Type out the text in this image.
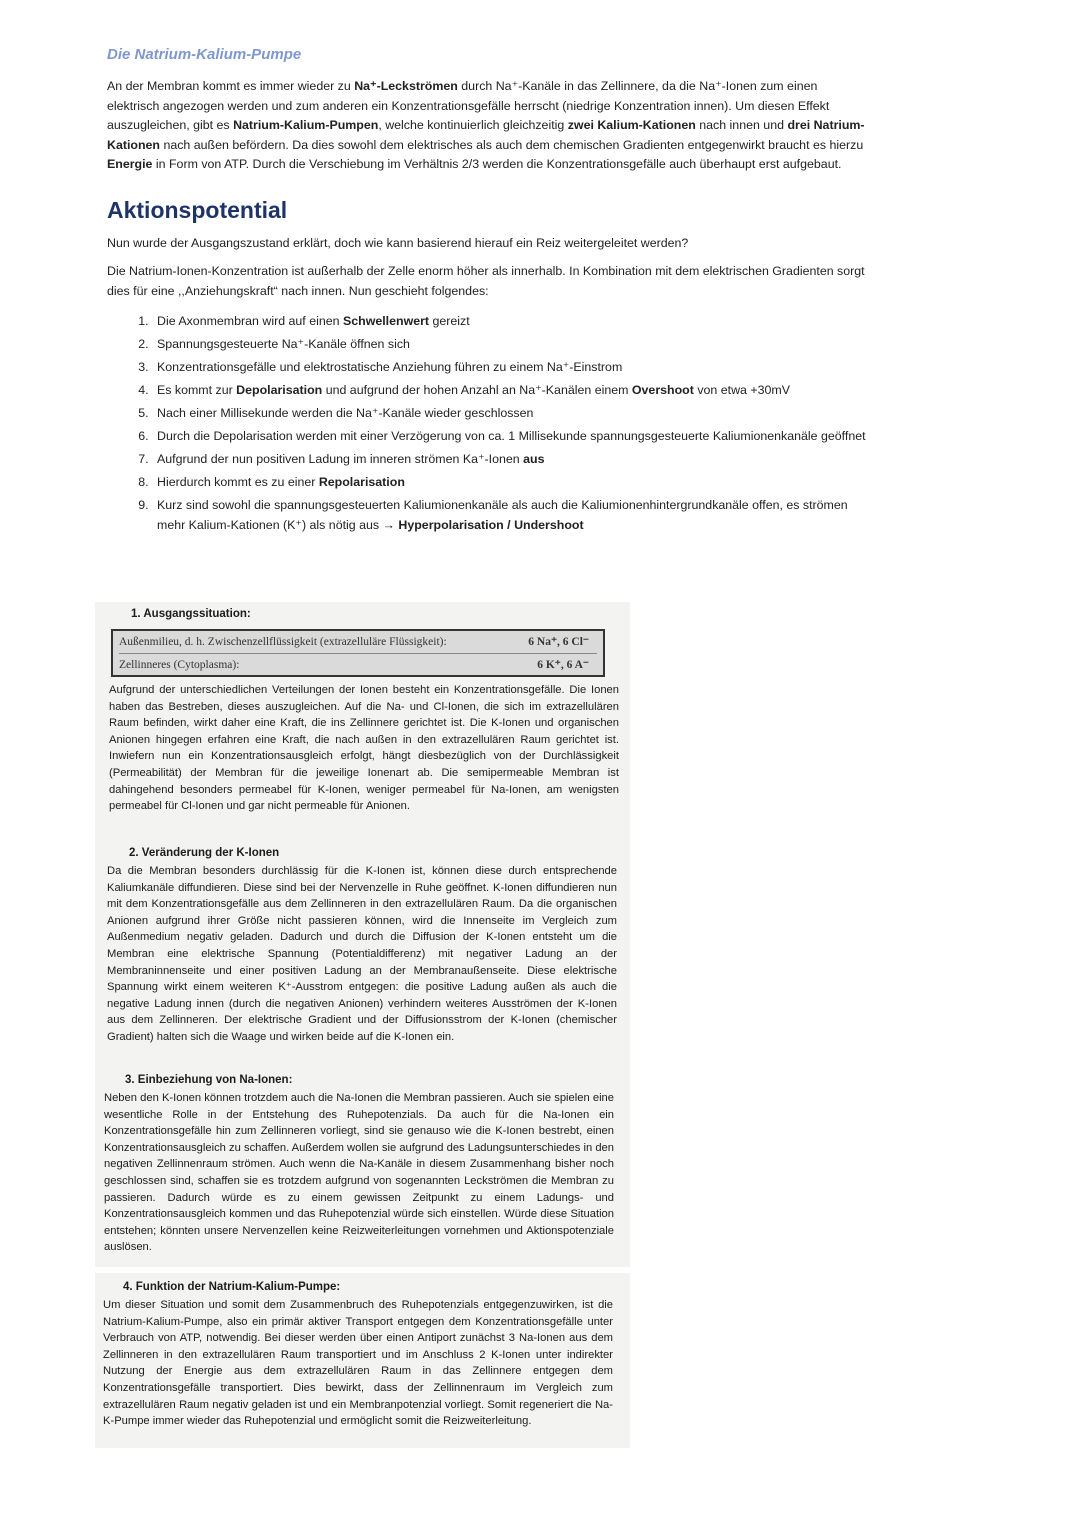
Die Natrium-Kalium-Pumpe

An der Membran kommt es immer wieder zu Na⁺-Leckströmen durch Na⁺-Kanäle in das Zellinnere, da die Na⁺-Ionen zum einen elektrisch angezogen werden und zum anderen ein Konzentrationsgefälle herrscht (niedrige Konzentration innen). Um diesen Effekt auszugleichen, gibt es Natrium-Kalium-Pumpen, welche kontinuierlich gleichzeitig zwei Kalium-Kationen nach innen und drei Natrium-Kationen nach außen befördern. Da dies sowohl dem elektrisches als auch dem chemischen Gradienten entgegenwirkt braucht es hierzu Energie in Form von ATP. Durch die Verschiebung im Verhältnis 2/3 werden die Konzentrationsgefälle auch überhaupt erst aufgebaut.

Aktionspotential

Nun wurde der Ausgangszustand erklärt, doch wie kann basierend hierauf ein Reiz weitergeleitet werden?

Die Natrium-Ionen-Konzentration ist außerhalb der Zelle enorm höher als innerhalb. In Kombination mit dem elektrischen Gradienten sorgt dies für eine ,,Anziehungskraft“ nach innen. Nun geschieht folgendes:

1. Die Axonmembran wird auf einen Schwellenwert gereizt
2. Spannungsgesteuerte Na⁺-Kanäle öffnen sich
3. Konzentrationsgefälle und elektrostatische Anziehung führen zu einem Na⁺-Einstrom
4. Es kommt zur Depolarisation und aufgrund der hohen Anzahl an Na⁺-Kanälen einem Overshoot von etwa +30mV
5. Nach einer Millisekunde werden die Na⁺-Kanäle wieder geschlossen
6. Durch die Depolarisation werden mit einer Verzögerung von ca. 1 Millisekunde spannungsgesteuerte Kaliumionenkanäle geöffnet
7. Aufgrund der nun positiven Ladung im inneren strömen Ka⁺-Ionen aus
8. Hierdurch kommt es zu einer Repolarisation
9. Kurz sind sowohl die spannungsgesteuerten Kaliumionenkanäle als auch die Kaliumionenhintergrundkanäle offen, es strömen mehr Kalium-Kationen (K⁺) als nötig aus → Hyperpolarisation / Undershoot

1. Ausgangssituation:

Außenmilieu, d. h. Zwischenzellflüssigkeit (extrazelluläre Flüssigkeit):	6 Na⁺, 6 Cl⁻
Zellinneres (Cytoplasma):	6 K⁺, 6 A⁻

Aufgrund der unterschiedlichen Verteilungen der Ionen besteht ein Konzentrationsgefälle. Die Ionen haben das Bestreben, dieses auszugleichen. Auf die Na- und Cl-Ionen, die sich im extrazellulären Raum befinden, wirkt daher eine Kraft, die ins Zellinnere gerichtet ist. Die K-Ionen und organischen Anionen hingegen erfahren eine Kraft, die nach außen in den extrazellulären Raum gerichtet ist. Inwiefern nun ein Konzentrationsausgleich erfolgt, hängt diesbezüglich von der Durchlässigkeit (Permeabilität) der Membran für die jeweilige Ionenart ab. Die semipermeable Membran ist dahingehend besonders permeabel für K-Ionen, weniger permeabel für Na-Ionen, am wenigsten permeabel für Cl-Ionen und gar nicht permeable für Anionen.

2. Veränderung der K-Ionen

Da die Membran besonders durchlässig für die K-Ionen ist, können diese durch entsprechende Kaliumkanäle diffundieren. Diese sind bei der Nervenzelle in Ruhe geöffnet. K-Ionen diffundieren nun mit dem Konzentrationsgefälle aus dem Zellinneren in den extrazellulären Raum. Da die organischen Anionen aufgrund ihrer Größe nicht passieren können, wird die Innenseite im Vergleich zum Außenmedium negativ geladen. Dadurch und durch die Diffusion der K-Ionen entsteht um die Membran eine elektrische Spannung (Potentialdifferenz) mit negativer Ladung an der Membraninnenseite und einer positiven Ladung an der Membranaußenseite. Diese elektrische Spannung wirkt einem weiteren K⁺-Ausstrom entgegen: die positive Ladung außen als auch die negative Ladung innen (durch die negativen Anionen) verhindern weiteres Ausströmen der K-Ionen aus dem Zellinneren. Der elektrische Gradient und der Diffusionsstrom der K-Ionen (chemischer Gradient) halten sich die Waage und wirken beide auf die K-Ionen ein.

3. Einbeziehung von Na-Ionen:

Neben den K-Ionen können trotzdem auch die Na-Ionen die Membran passieren. Auch sie spielen eine wesentliche Rolle in der Entstehung des Ruhepotenzials. Da auch für die Na-Ionen ein Konzentrationsgefälle hin zum Zellinneren vorliegt, sind sie genauso wie die K-Ionen bestrebt, einen Konzentrationsausgleich zu schaffen. Außerdem wollen sie aufgrund des Ladungsunterschiedes in den negativen Zellinnenraum strömen. Auch wenn die Na-Kanäle in diesem Zusammenhang bisher noch geschlossen sind, schaffen sie es trotzdem aufgrund von sogenannten Leckströmen die Membran zu passieren. Dadurch würde es zu einem gewissen Zeitpunkt zu einem Ladungs- und Konzentrationsausgleich kommen und das Ruhepotenzial würde sich einstellen. Würde diese Situation entstehen; könnten unsere Nervenzellen keine Reizweiterleitungen vornehmen und Aktionspotenziale auslösen.

4. Funktion der Natrium-Kalium-Pumpe:

Um dieser Situation und somit dem Zusammenbruch des Ruhepotenzials entgegenzuwirken, ist die Natrium-Kalium-Pumpe, also ein primär aktiver Transport entgegen dem Konzentrationsgefälle unter Verbrauch von ATP, notwendig. Bei dieser werden über einen Antiport zunächst 3 Na-Ionen aus dem Zellinneren in den extrazellulären Raum transportiert und im Anschluss 2 K-Ionen unter indirekter Nutzung der Energie aus dem extrazellulären Raum in das Zellinnere entgegen dem Konzentrationsgefälle transportiert. Dies bewirkt, dass der Zellinnenraum im Vergleich zum extrazellulären Raum negativ geladen ist und ein Membranpotenzial vorliegt. Somit regeneriert die Na-K-Pumpe immer wieder das Ruhepotenzial und ermöglicht somit die Reizweiterleitung.
